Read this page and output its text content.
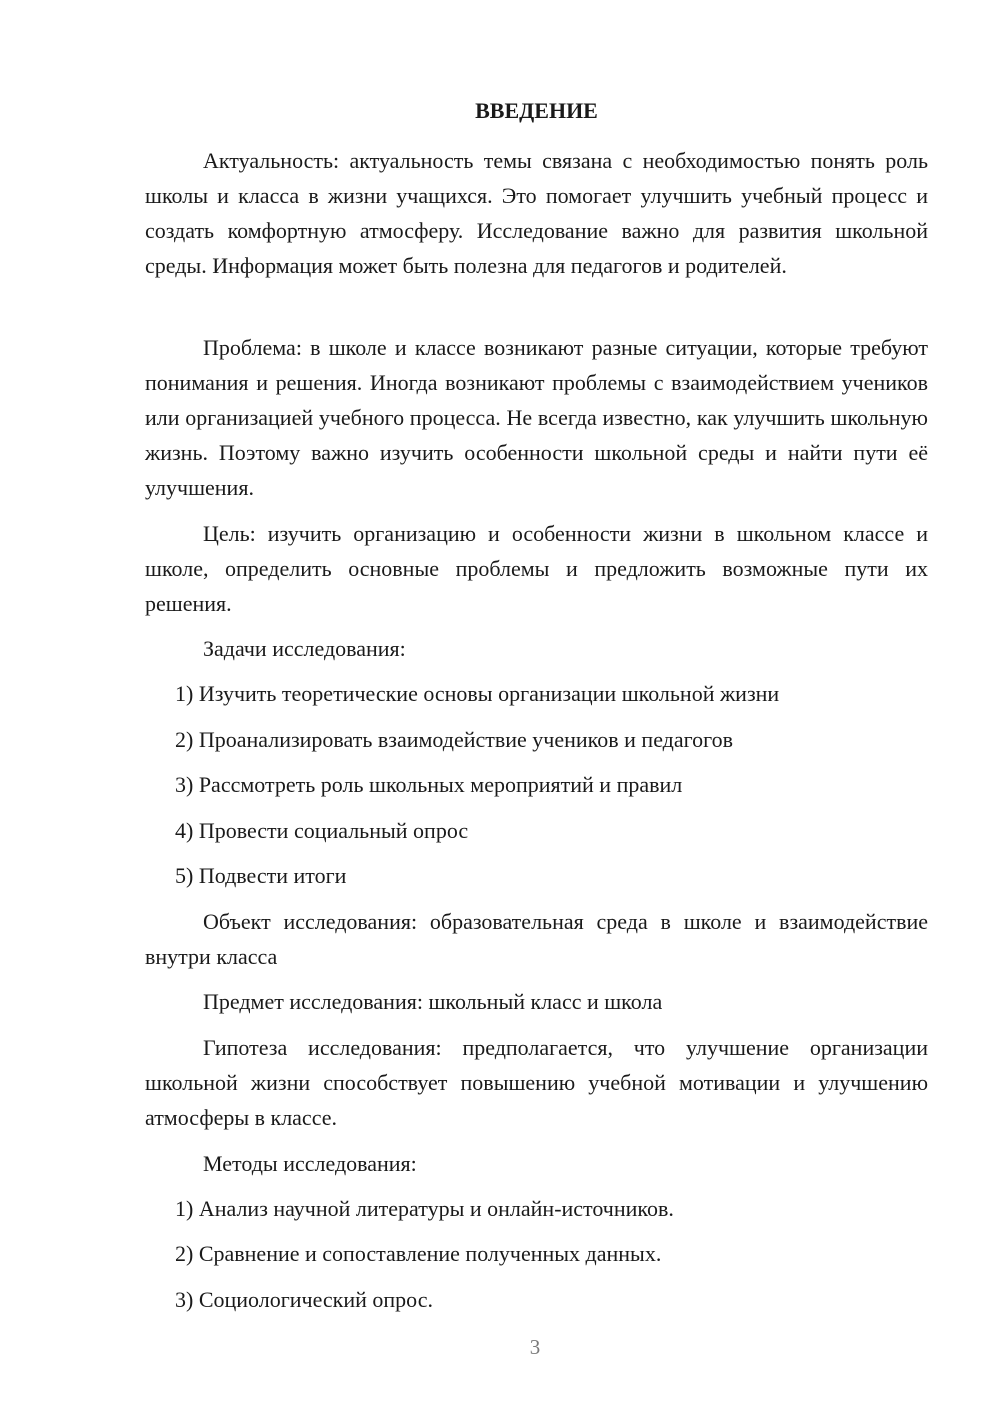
ВВЕДЕНИЕ

Актуальность: актуальность темы связана с необходимостью понять роль школы и класса в жизни учащихся. Это помогает улучшить учебный процесс и создать комфортную атмосферу. Исследование важно для развития школьной среды. Информация может быть полезна для педагогов и родителей.

Проблема: в школе и классе возникают разные ситуации, которые требуют понимания и решения. Иногда возникают проблемы с взаимодействием учеников или организацией учебного процесса. Не всегда известно, как улучшить школьную жизнь. Поэтому важно изучить особенности школьной среды и найти пути её улучшения.

Цель: изучить организацию и особенности жизни в школьном классе и школе, определить основные проблемы и предложить возможные пути их решения.

Задачи исследования:

1) Изучить теоретические основы организации школьной жизни

2) Проанализировать взаимодействие учеников и педагогов

3) Рассмотреть роль школьных мероприятий и правил

4) Провести социальный опрос

5) Подвести итоги

Объект исследования: образовательная среда в школе и взаимодействие внутри класса

Предмет исследования: школьный класс и школа

Гипотеза исследования: предполагается, что улучшение организации школьной жизни способствует повышению учебной мотивации и улучшению атмосферы в классе.

Методы исследования:

1) Анализ научной литературы и онлайн-источников.

2) Сравнение и сопоставление полученных данных.

3) Социологический опрос.

3
